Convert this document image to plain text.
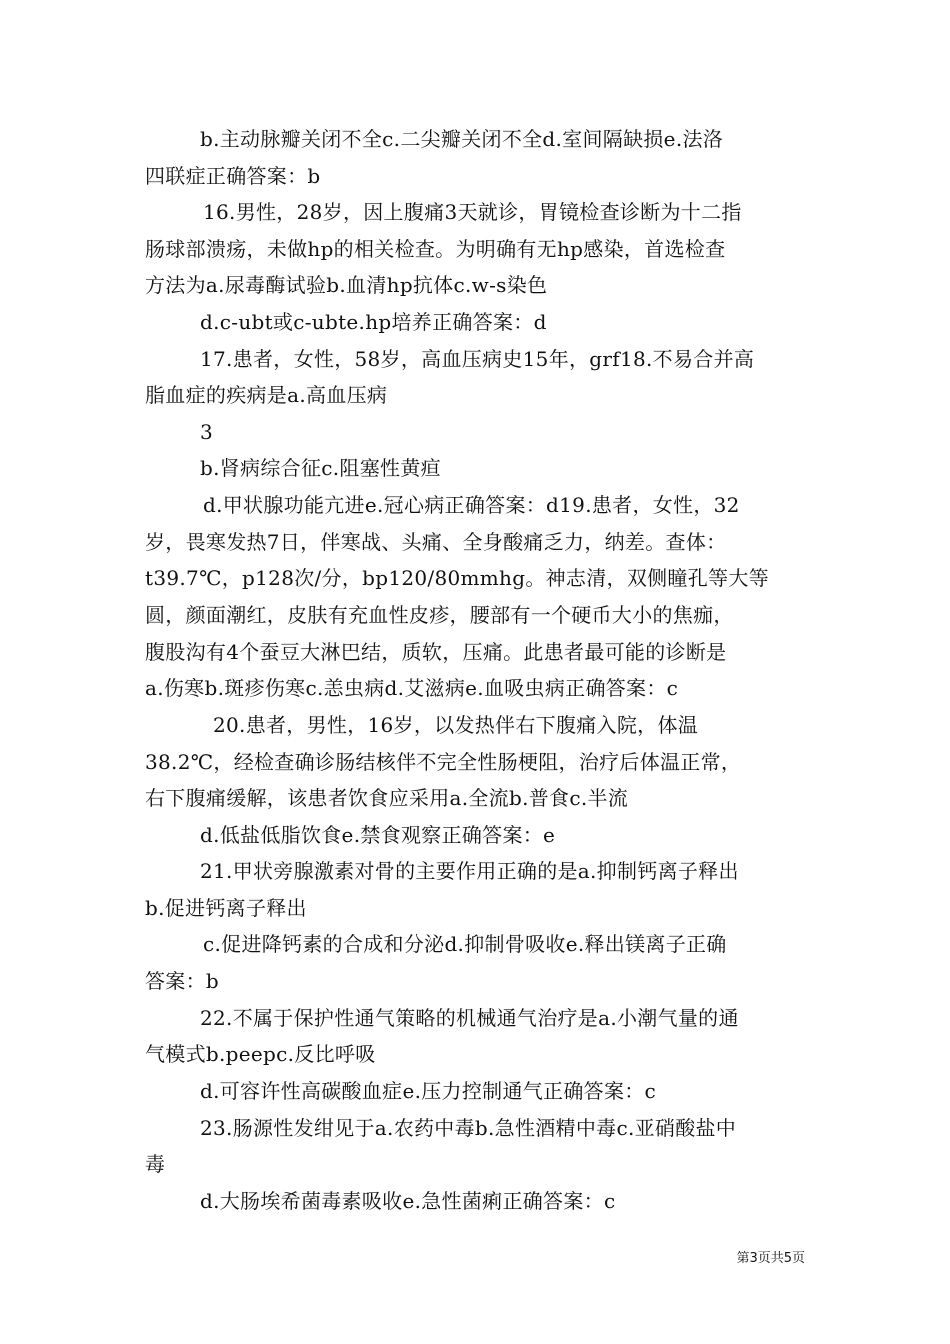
b.主动脉瓣关闭不全c.二尖瓣关闭不全d.室间隔缺损e.法洛
四联症正确答案：b
16.男性，28岁，因上腹痛3天就诊，胃镜检查诊断为十二指
肠球部溃疡，未做hp的相关检查。为明确有无hp感染，首选检查
方法为a.尿毒酶试验b.血清hp抗体c.w-s染色
d.c-ubt或c-ubte.hp培养正确答案：d
17.患者，女性，58岁，高血压病史15年，grf18.不易合并高
脂血症的疾病是a.高血压病
3
b.肾病综合征c.阻塞性黄疸
d.甲状腺功能亢进e.冠心病正确答案：d19.患者，女性，32
岁，畏寒发热7日，伴寒战、头痛、全身酸痛乏力，纳差。查体：
t39.7℃，p128次/分，bp120/80mmhg。神志清，双侧瞳孔等大等
圆，颜面潮红，皮肤有充血性皮疹，腰部有一个硬币大小的焦痂，
腹股沟有4个蚕豆大淋巴结，质软，压痛。此患者最可能的诊断是
a.伤寒b.斑疹伤寒c.恙虫病d.艾滋病e.血吸虫病正确答案：c
20.患者，男性，16岁，以发热伴右下腹痛入院，体温
38.2℃，经检查确诊肠结核伴不完全性肠梗阻，治疗后体温正常，
右下腹痛缓解，该患者饮食应采用a.全流b.普食c.半流
d.低盐低脂饮食e.禁食观察正确答案：e
21.甲状旁腺激素对骨的主要作用正确的是a.抑制钙离子释出
b.促进钙离子释出
c.促进降钙素的合成和分泌d.抑制骨吸收e.释出镁离子正确
答案：b
22.不属于保护性通气策略的机械通气治疗是a.小潮气量的通
气模式b.peepc.反比呼吸
d.可容许性高碳酸血症e.压力控制通气正确答案：c
23.肠源性发绀见于a.农药中毒b.急性酒精中毒c.亚硝酸盐中
毒
d.大肠埃希菌毒素吸收e.急性菌痢正确答案：c
第3页共5页
